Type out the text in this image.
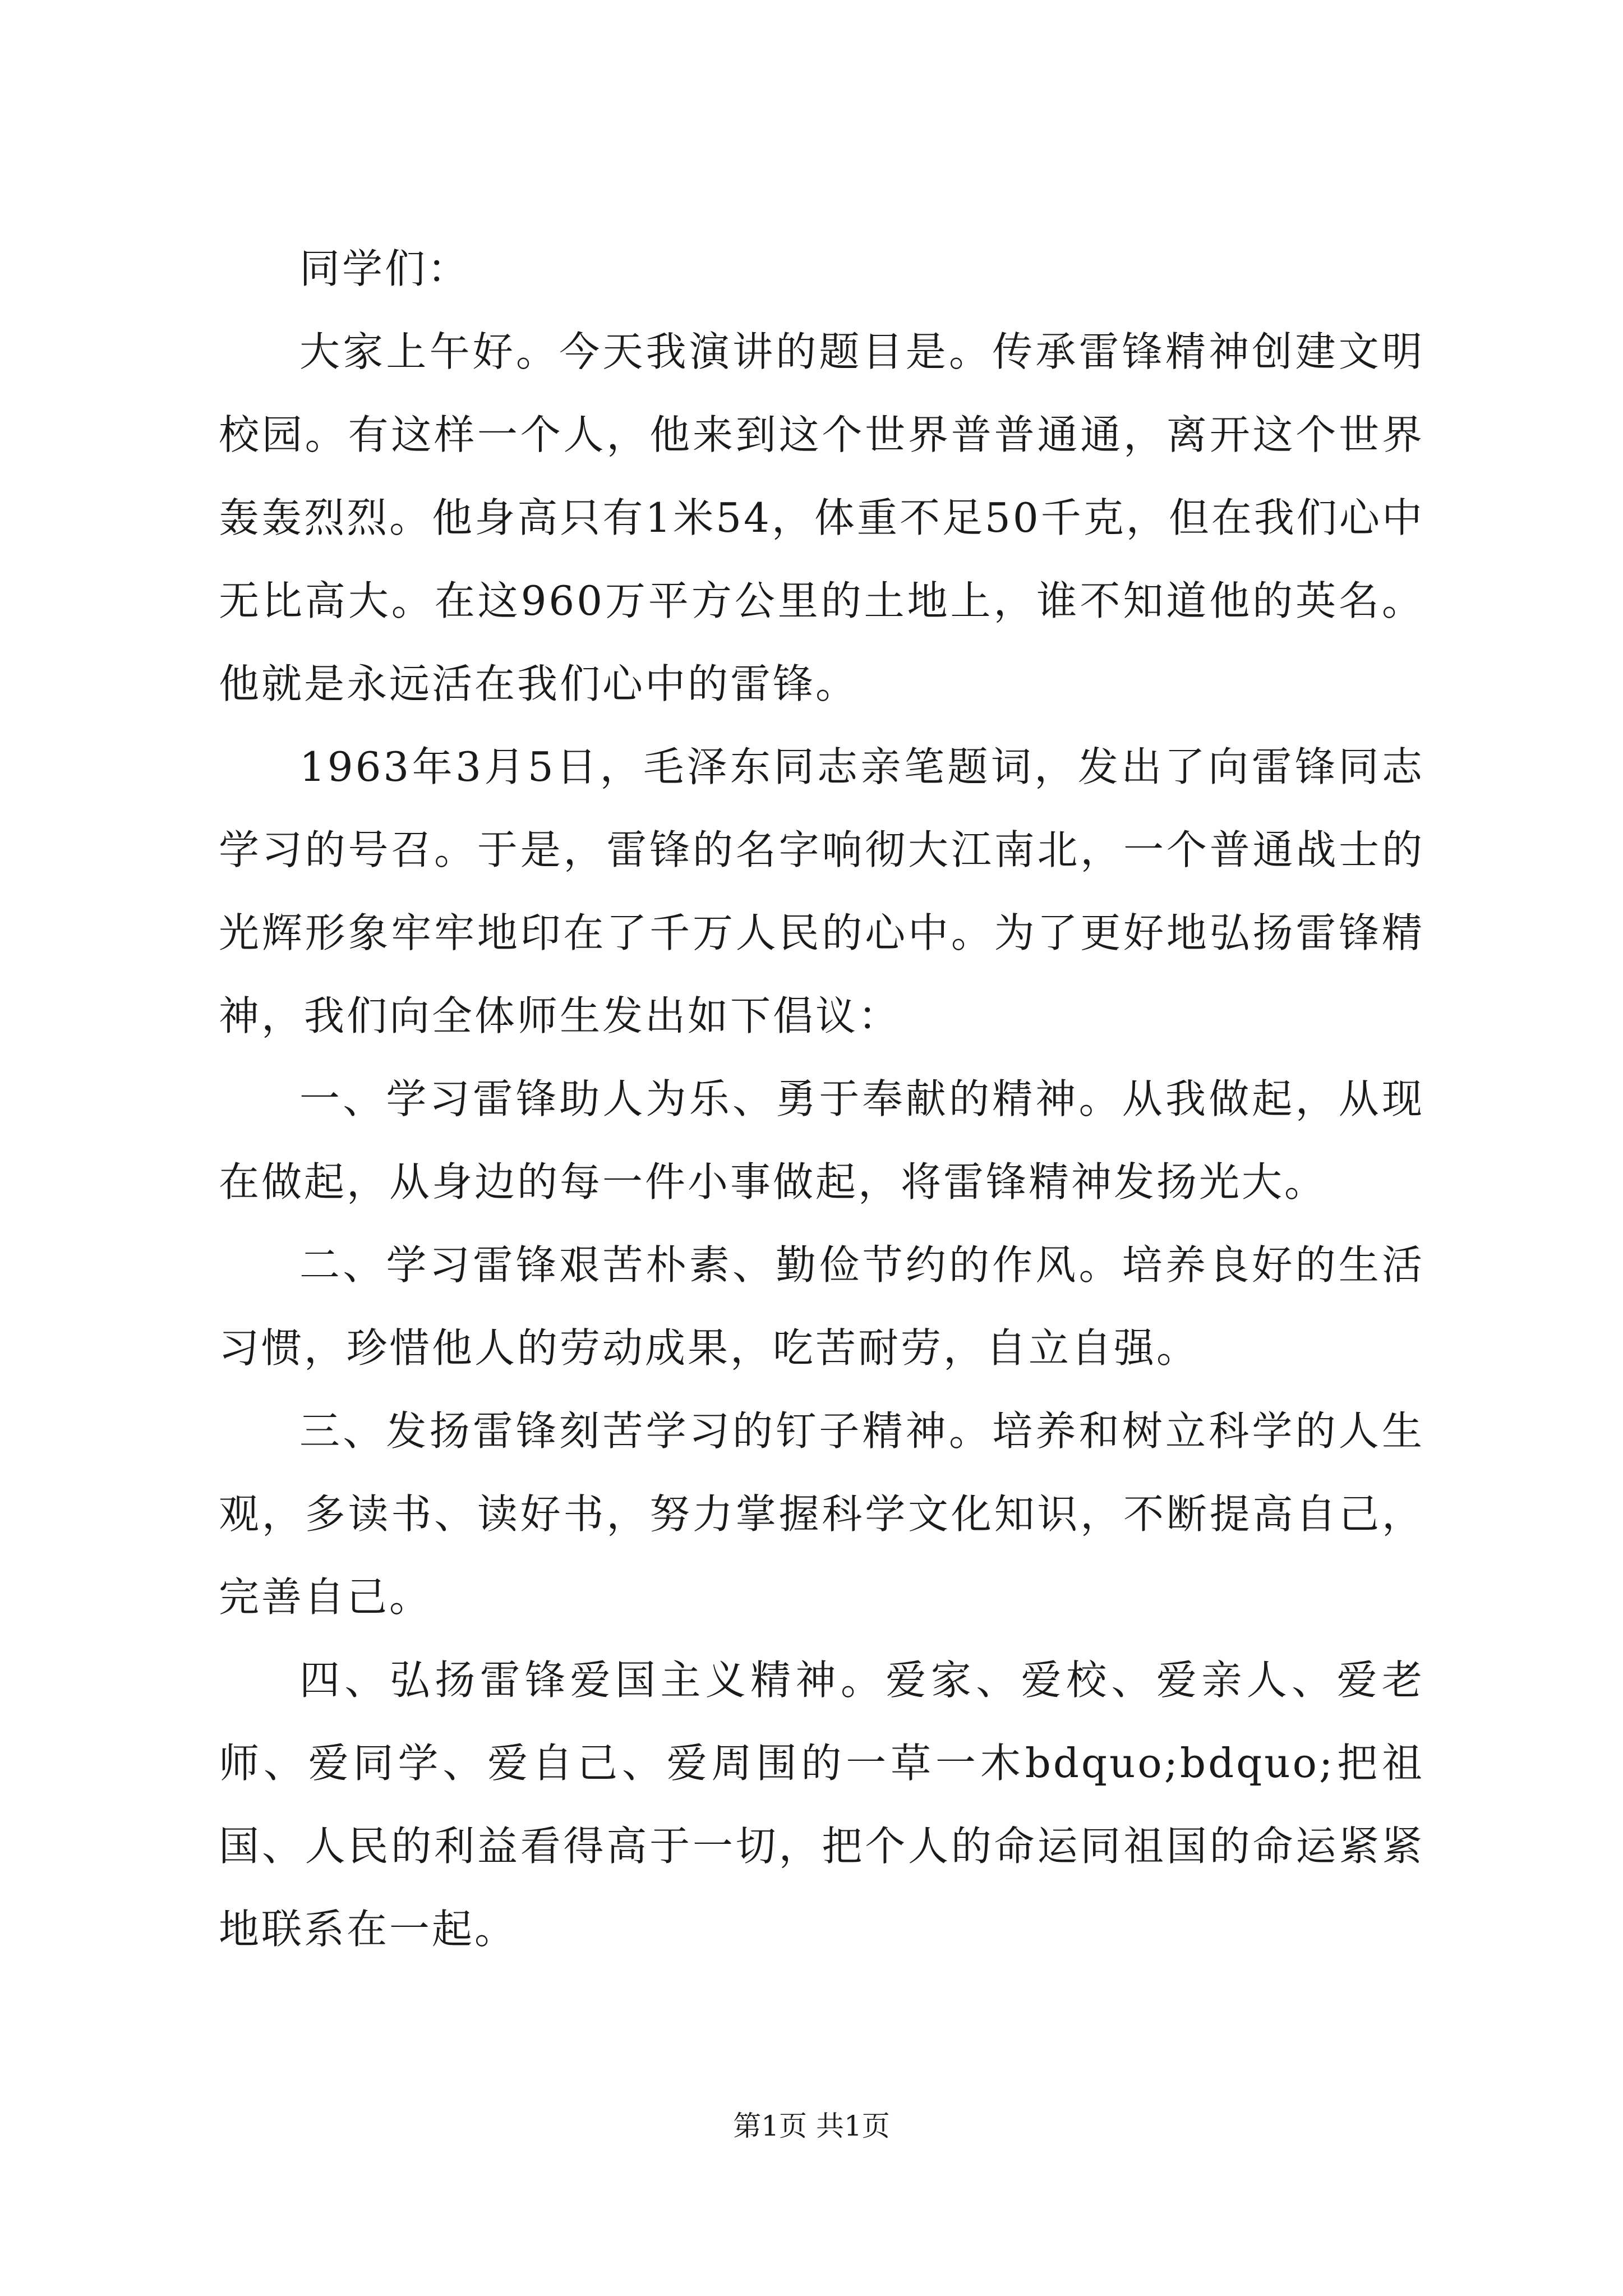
同学们：

大家上午好。今天我演讲的题目是。传承雷锋精神创建文明校园。有这样一个人，他来到这个世界普普通通，离开这个世界轰轰烈烈。他身高只有1米54，体重不足50千克，但在我们心中无比高大。在这960万平方公里的土地上，谁不知道他的英名。他就是永远活在我们心中的雷锋。

1963年3月5日，毛泽东同志亲笔题词，发出了向雷锋同志学习的号召。于是，雷锋的名字响彻大江南北，一个普通战士的光辉形象牢牢地印在了千万人民的心中。为了更好地弘扬雷锋精神，我们向全体师生发出如下倡议：

一、学习雷锋助人为乐、勇于奉献的精神。从我做起，从现在做起，从身边的每一件小事做起，将雷锋精神发扬光大。

二、学习雷锋艰苦朴素、勤俭节约的作风。培养良好的生活习惯，珍惜他人的劳动成果，吃苦耐劳，自立自强。

三、发扬雷锋刻苦学习的钉子精神。培养和树立科学的人生观，多读书、读好书，努力掌握科学文化知识，不断提高自己，完善自己。

四、弘扬雷锋爱国主义精神。爱家、爱校、爱亲人、爱老师、爱同学、爱自己、爱周围的一草一木bdquo;bdquo;把祖国、人民的利益看得高于一切，把个人的命运同祖国的命运紧紧地联系在一起。

第1页 共1页
